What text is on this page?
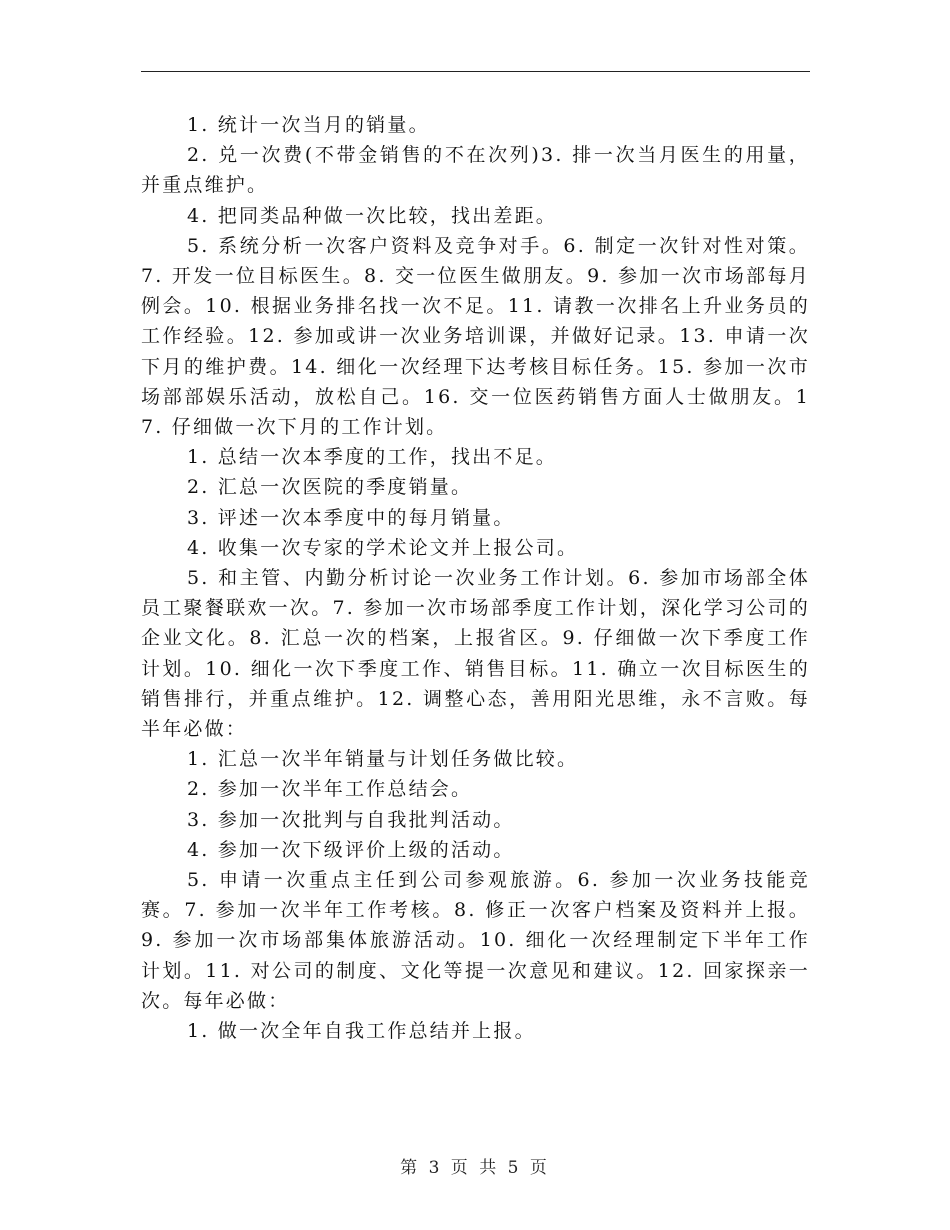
1. 统计一次当月的销量。

2. 兑一次费(不带金销售的不在次列)3. 排一次当月医生的用量，并重点维护。

4. 把同类品种做一次比较，找出差距。

5. 系统分析一次客户资料及竞争对手。6. 制定一次针对性对策。7. 开发一位目标医生。8. 交一位医生做朋友。9. 参加一次市场部每月例会。10. 根据业务排名找一次不足。11. 请教一次排名上升业务员的工作经验。12. 参加或讲一次业务培训课，并做好记录。13. 申请一次下月的维护费。14. 细化一次经理下达考核目标任务。15. 参加一次市场部部娱乐活动，放松自己。16. 交一位医药销售方面人士做朋友。17. 仔细做一次下月的工作计划。

1. 总结一次本季度的工作，找出不足。

2. 汇总一次医院的季度销量。

3. 评述一次本季度中的每月销量。

4. 收集一次专家的学术论文并上报公司。

5. 和主管、内勤分析讨论一次业务工作计划。6. 参加市场部全体员工聚餐联欢一次。7. 参加一次市场部季度工作计划，深化学习公司的企业文化。8. 汇总一次的档案，上报省区。9. 仔细做一次下季度工作计划。10. 细化一次下季度工作、销售目标。11. 确立一次目标医生的销售排行，并重点维护。12. 调整心态，善用阳光思维，永不言败。每半年必做：

1. 汇总一次半年销量与计划任务做比较。

2. 参加一次半年工作总结会。

3. 参加一次批判与自我批判活动。

4. 参加一次下级评价上级的活动。

5. 申请一次重点主任到公司参观旅游。6. 参加一次业务技能竞赛。7. 参加一次半年工作考核。8. 修正一次客户档案及资料并上报。9. 参加一次市场部集体旅游活动。10. 细化一次经理制定下半年工作计划。11. 对公司的制度、文化等提一次意见和建议。12. 回家探亲一次。每年必做：

1. 做一次全年自我工作总结并上报。

第 3 页 共 5 页
